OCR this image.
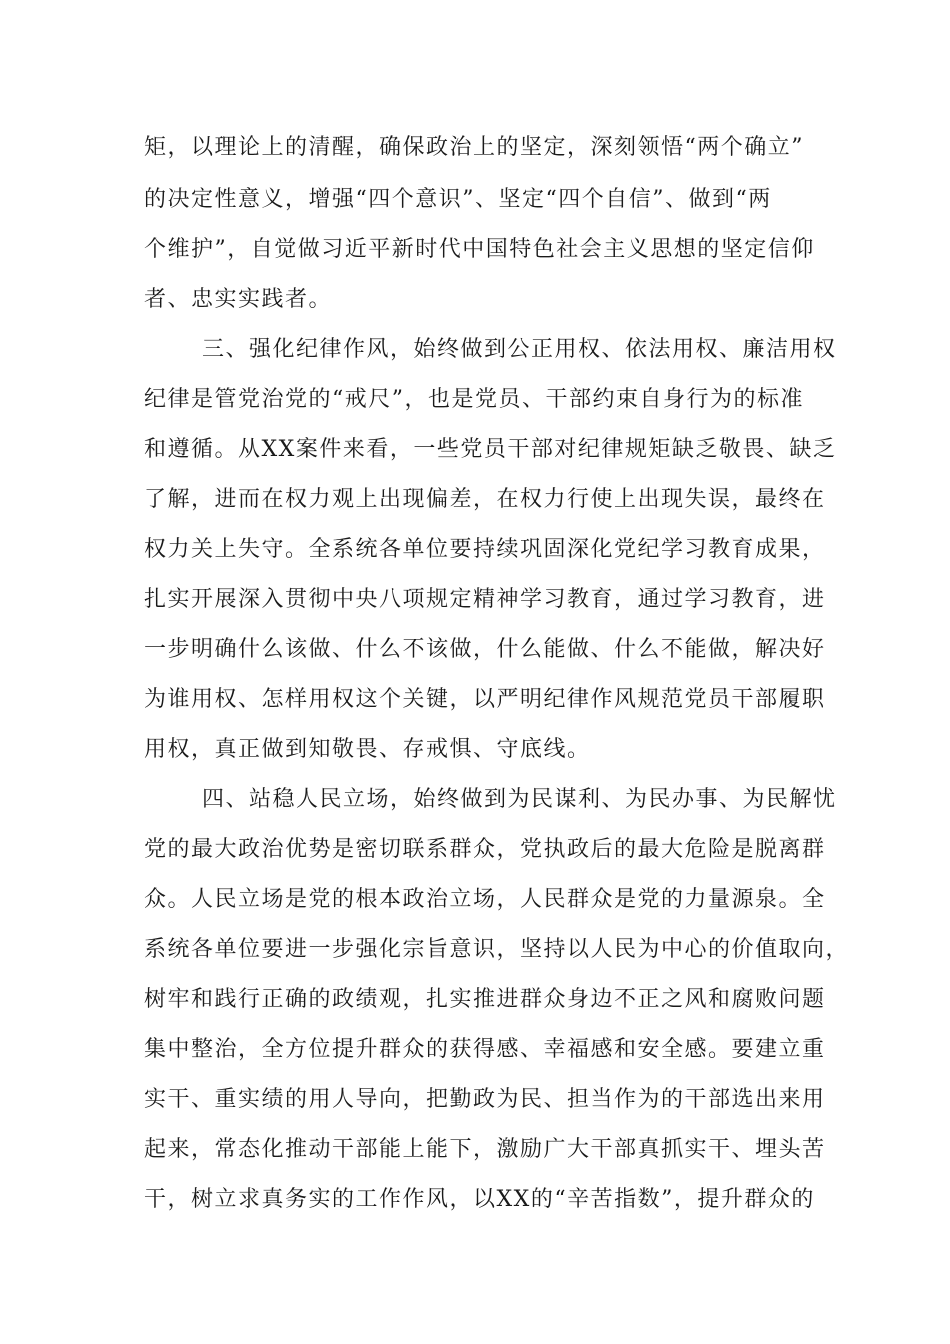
矩，以理论上的清醒，确保政治上的坚定，深刻领悟“两个确立”
的决定性意义，增强“四个意识”、坚定“四个自信”、做到“两
个维护”，自觉做习近平新时代中国特色社会主义思想的坚定信仰
者、忠实实践者。
三、强化纪律作风，始终做到公正用权、依法用权、廉洁用权
纪律是管党治党的“戒尺”，也是党员、干部约束自身行为的标准
和遵循。从XX案件来看，一些党员干部对纪律规矩缺乏敬畏、缺乏
了解，进而在权力观上出现偏差，在权力行使上出现失误，最终在
权力关上失守。全系统各单位要持续巩固深化党纪学习教育成果，
扎实开展深入贯彻中央八项规定精神学习教育，通过学习教育，进
一步明确什么该做、什么不该做，什么能做、什么不能做，解决好
为谁用权、怎样用权这个关键，以严明纪律作风规范党员干部履职
用权，真正做到知敬畏、存戒惧、守底线。
四、站稳人民立场，始终做到为民谋利、为民办事、为民解忧
党的最大政治优势是密切联系群众，党执政后的最大危险是脱离群
众。人民立场是党的根本政治立场，人民群众是党的力量源泉。全
系统各单位要进一步强化宗旨意识，坚持以人民为中心的价值取向，
树牢和践行正确的政绩观，扎实推进群众身边不正之风和腐败问题
集中整治，全方位提升群众的获得感、幸福感和安全感。要建立重
实干、重实绩的用人导向，把勤政为民、担当作为的干部选出来用
起来，常态化推动干部能上能下，激励广大干部真抓实干、埋头苦
干，树立求真务实的工作作风，以XX的“辛苦指数”，提升群众的
